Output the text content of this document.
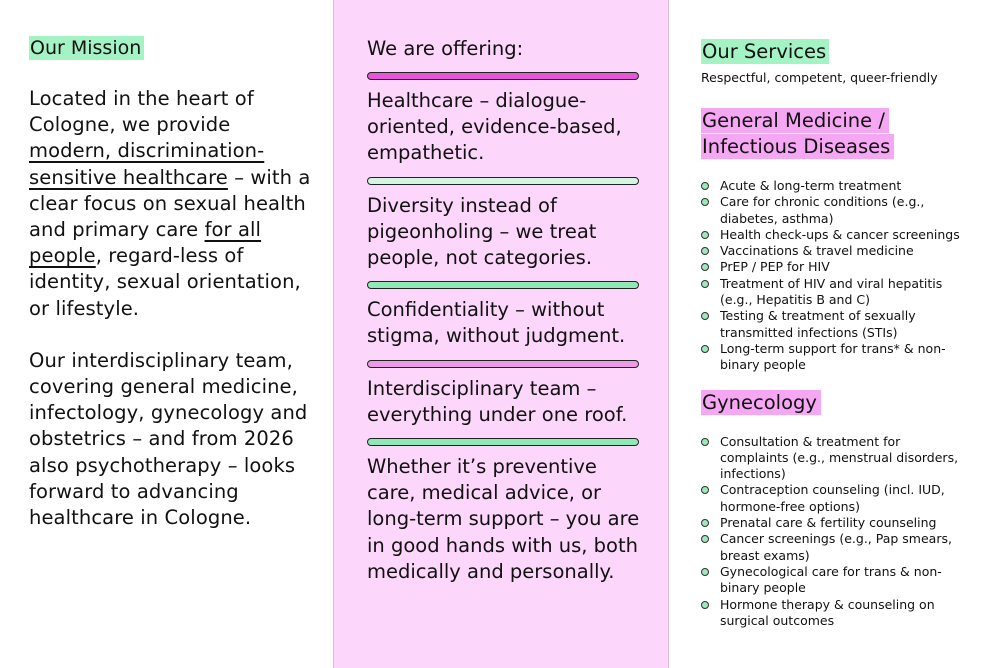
Our Mission

Located in the heart of Cologne, we provide modern, discrimination-sensitive healthcare – with a clear focus on sexual health and primary care for all people, regard-less of identity, sexual orientation, or lifestyle.

Our interdisciplinary team, covering general medicine, infectology, gynecology and obstetrics – and from 2026 also psychotherapy – looks forward to advancing healthcare in Cologne.

We are offering:

Healthcare – dialogue-oriented, evidence-based, empathetic.

Diversity instead of pigeonholing – we treat people, not categories.

Confidentiality – without stigma, without judgment.

Interdisciplinary team – everything under one roof.

Whether it’s preventive care, medical advice, or long-term support – you are in good hands with us, both medically and personally.

Our Services

Respectful, competent, queer-friendly

General Medicine /
Infectious Diseases
Acute & long-term treatment
Care for chronic conditions (e.g., diabetes, asthma)
Health check-ups & cancer screenings
Vaccinations & travel medicine
PrEP / PEP for HIV
Treatment of HIV and viral hepatitis (e.g., Hepatitis B and C)
Testing & treatment of sexually transmitted infections (STIs)
Long-term support for trans* & non-binary people
Gynecology
Consultation & treatment for complaints (e.g., menstrual disorders, infections)
Contraception counseling (incl. IUD, hormone-free options)
Prenatal care & fertility counseling
Cancer screenings (e.g., Pap smears, breast exams)
Gynecological care for trans & non-binary people
Hormone therapy & counseling on surgical outcomes
